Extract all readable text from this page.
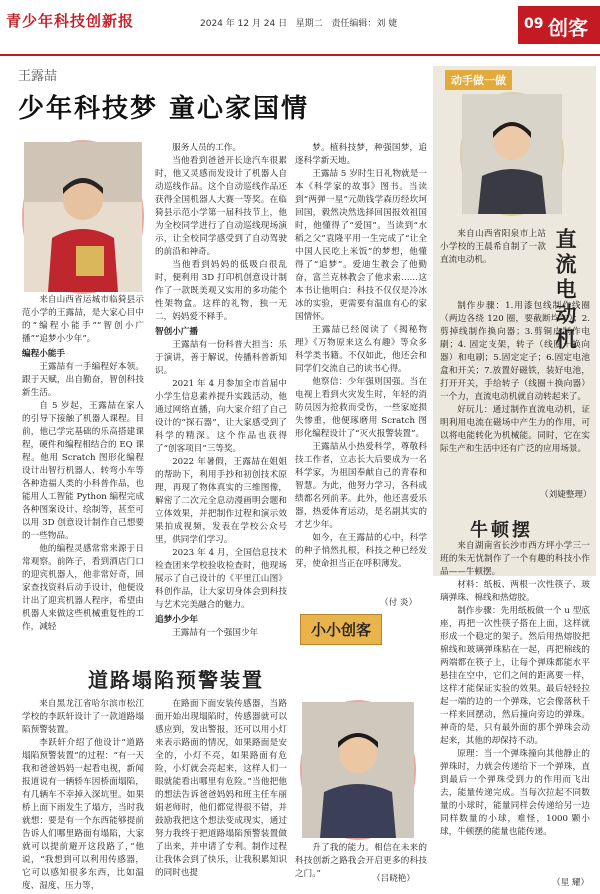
青少年科技创新报	2024 年 12 月 24 日 星期二 责任编辑：刘 婕	09 创客
王露喆
少年科技梦 童心家国情

来自山西省运城市临猗县示范小学的王露喆，是大家心目中的“编程小能手”“智创小广播”“追梦小少年”。

编程小能手

王露喆有一手编程好本领。跟于天赋，出自勤奋，智创科技新生活。

自 5 岁起，王露喆在家人的引导下接触了机器人课程。目前，他已学完基础的乐高搭建课程，硬件和编程相结合的 EQ 课程。他用 Scratch 图形化编程设计出智行机器人、转弯小车等各种造福人类的小科普作品，也能用人工智能 Python 编程完成各种图案设计、绘制等，甚至可以用 3D 创意设计制作自己想要的一些物品。

他的编程灵感常常来源于日常观察。前阵子，看到酒店门口的迎宾机器人，他非常好奇，回家查找资料后动手设计，他便设计出了迎宾机器人程序，希望由机器人来做这些机械重复性的工作，减轻

服务人员的工作。

当他看到爸爸开长途汽车很累时，他又灵感而发设计了机器人自动巡线作品。这个自动巡线作品还获得全国机器人大赛一等奖。在临猗县示范小学第一届科技节上，他为全校同学进行了自动巡线现场演示，让全校同学感受到了自动驾驶的前沿和神奇。

当他看到妈妈的低吸白很乱时，便利用 3D 打印机创意设计制作了一款既美观又实用的多功能个性架物盒。这样的礼物，独一无二，妈妈爱不释手。

智创小广播

王露喆有一份科普大担当：乐于演讲，善于解说，传播科普新知识。

2021 年 4 月参加全市首届中小学生信息素养提升实践活动，他通过网络直播，向大家介绍了自己设计的“探石器”，让大家感受到了科学的精深。这个作品也获得了“创客项目”三等奖。

2022 年暑假，王露喆在姐姐的帮助下，利用手抄和初创技术原理，再现了物体真实的三维图像，解密了二次元全息动漫画明会题和立体效果，并把制作过程和演示效果拍成视频，发表在学校公众号里，供同学们学习。

2023 年 4 月，全国信息技术检查团来学校验收检查时，他现场展示了自己设计的《平里江山图》科创作品，让大家切身体会到科技与艺术完美融合的魅力。

追梦小少年

王露喆有一个强国少年

梦。植科技梦，种强国梦，追逐科学新天地。

王露喆 5 岁时生日礼物就是一本《科学家的故事》图书。当读到“两弹一星”元勋钱学森历经坎坷回国，毅然决然选择回国报效祖国时，他懂得了“爱国”。当读到“水稻之父”袁隆平用一生完成了“让全中国人民吃上米饭”的梦想，他懂得了“追梦”。爱迪生教会了他勤奋，富兰克林教会了他求索……这本书让他明白：科技不仅仅是冷冰冰的实验，更需要有温血有心的家国情怀。

王露喆已经阅读了《揭秘物理》《万物原来这么有趣》等众多科学类书籍。不仅如此，他还会和同学们交流自己的读书心得。

他察信：少年强则国强。当在电视上看到火灾发生时，年轻的消防员因为抢救而受伤，一些家庭损失惨重，他便琢磨用 Scratch 图形化编程设计了“灭火报警装置”。

王露喆从小热爱科学，尊敬科技工作者，立志长大后要成为一名科学家，为祖国奉献自己的青春和智慧。为此，他努力学习，各科成绩都名列前茅。此外，他还喜爱乐器，热爱体育运动，是名副其实的才艺少年。

如今，在王露喆的心中，科学的种子悄然扎根，科技之种已经发芽，使命担当正在呼积薄发。

（付 炎）
动手做一做
直流电动机

来自山西省阳泉市上站小学校的王晨希自制了一款直流电动机。

制作步骤：1.用漆包线制作线圈（两边各绕 120 圈，要截断均匀）；2. 剪掉线制作换向器；3.剪铜皮制作电刷；4. 固定支架，转子（线圈＋换向器）和电刷；5.固定定子；6.固定电池盒和开关；7.放置好磁铁，装好电池，打开开关，手给转子（线圈＋换向器）一个力，直流电动机就自动转起来了。

好玩儿：通过制作直流电动机，证明利用电流在磁场中产生力的作用，可以将电能转化为机械能。同时，它在实际生产和生活中还有广泛的应用场景。

（刘婕整理）
牛顿摆

来自湖南省长沙市西方坪小学三一班的朱无忧制作了一个有趣的科技小作品——牛顿摆。

材料：纸板、两根一次性筷子、玻璃弹珠、棉线和热熔胶。

制作步骤：先用纸板做一个 u 型底座，再把一次性筷子搭在上面，这样就形成一个稳定的架子。然后用热熔胶把棉线和玻璃弹珠粘在一起，再把棉线的两端都在筷子上，让每个弹珠都能水平悬挂在空中，它们之间的距离要一样，这样才能保证实验的效果。最后轻轻拉起一端的边的一个弹珠，它会像落秋千一样来回摆动，然后撞向旁边的弹珠。神奇的是，只有最外面的那个弹珠会动起来，其他的却保持不动。

原理：当一个弹珠撞向其他静止的弹珠时，力就会传递给下一个弹珠，直到最后一个弹珠受到力的作用而飞出去，能量传递完成。当每次拉起不同数量的小球时，能量同样会传递给另一边同样数量的小球，难怪，1000 颗小球，牛顿摆的能量也能传递。

（星 耀）
小小创客
道路塌陷预警装置

来自黑龙江省哈尔滨市松江学校的李跃轩设计了一款道路塌陷预警装置。

李跃轩介绍了他设计“道路塌陷预警装置”的过程：“有一天我和爸爸妈妈一起看电视，新闻报道说有一辆轿车因桥面塌陷，有几辆车不幸掉入深坑里。如果桥上面下雨发生了塌方，当时我就想：要是有一个东西能够提前告诉人们哪里路面有塌陷，大家就可以提前避开这段路了，”他说，“我想到可以利用传感器，它可以感知很多东西，比如温度、湿度、压力等，

在路面下面安装传感器，当路面开始出现塌陷时，传感器就可以感应到，发出警报，还可以用小灯来表示路面的情况，如果路面是安全的，小灯不亮，如果路面有危险，小灯就会亮起来，这样人们一眼就能看出哪里有危险。”当他把他的想法告诉爸爸妈妈和班主任车丽娟老师时，他们都觉得很不错，并鼓励我把这个想法变成现实，通过努力我终于把道路塌陷预警装置做了出来，并申请了专利。制作过程让我体会到了快乐，让我积累知识的同时也提

升了我的能力。相信在未来的科技创新之路我会开启更多的科技之门。”	（吕晓艳）
